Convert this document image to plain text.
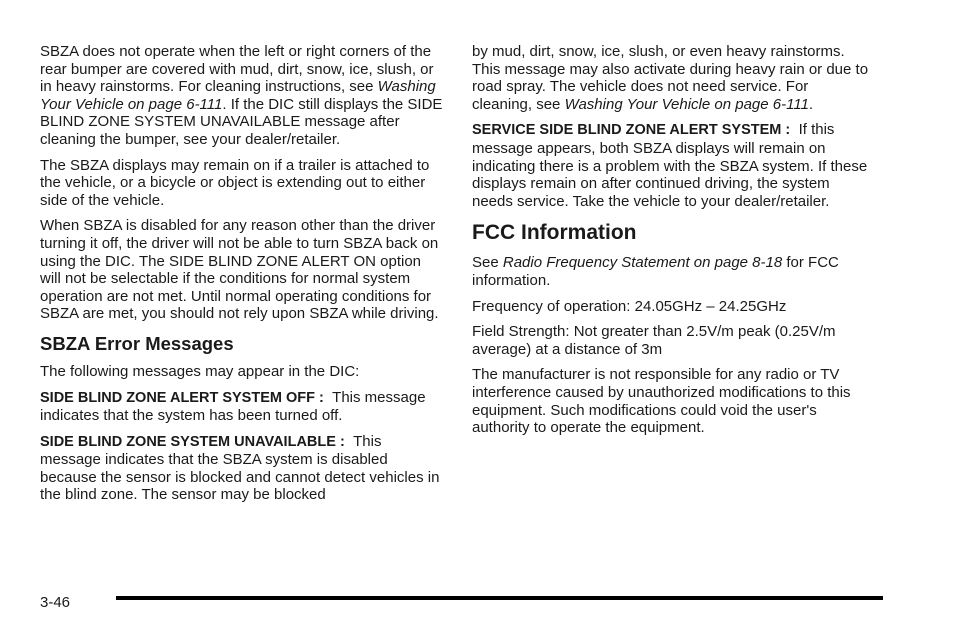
SBZA does not operate when the left or right corners of the rear bumper are covered with mud, dirt, snow, ice, slush, or in heavy rainstorms. For cleaning instructions, see Washing Your Vehicle on page 6-111. If the DIC still displays the SIDE BLIND ZONE SYSTEM UNAVAILABLE message after cleaning the bumper, see your dealer/retailer.

The SBZA displays may remain on if a trailer is attached to the vehicle, or a bicycle or object is extending out to either side of the vehicle.

When SBZA is disabled for any reason other than the driver turning it off, the driver will not be able to turn SBZA back on using the DIC. The SIDE BLIND ZONE ALERT ON option will not be selectable if the conditions for normal system operation are not met. Until normal operating conditions for SBZA are met, you should not rely upon SBZA while driving.

SBZA Error Messages

The following messages may appear in the DIC:

SIDE BLIND ZONE ALERT SYSTEM OFF : This message indicates that the system has been turned off.

SIDE BLIND ZONE SYSTEM UNAVAILABLE : This message indicates that the SBZA system is disabled because the sensor is blocked and cannot detect vehicles in the blind zone. The sensor may be blocked

by mud, dirt, snow, ice, slush, or even heavy rainstorms. This message may also activate during heavy rain or due to road spray. The vehicle does not need service. For cleaning, see Washing Your Vehicle on page 6-111.

SERVICE SIDE BLIND ZONE ALERT SYSTEM : If this message appears, both SBZA displays will remain on indicating there is a problem with the SBZA system. If these displays remain on after continued driving, the system needs service. Take the vehicle to your dealer/retailer.

FCC Information

See Radio Frequency Statement on page 8-18 for FCC information.

Frequency of operation: 24.05GHz – 24.25GHz

Field Strength: Not greater than 2.5V/m peak (0.25V/m average) at a distance of 3m

The manufacturer is not responsible for any radio or TV interference caused by unauthorized modifications to this equipment. Such modifications could void the user's authority to operate the equipment.

3-46
